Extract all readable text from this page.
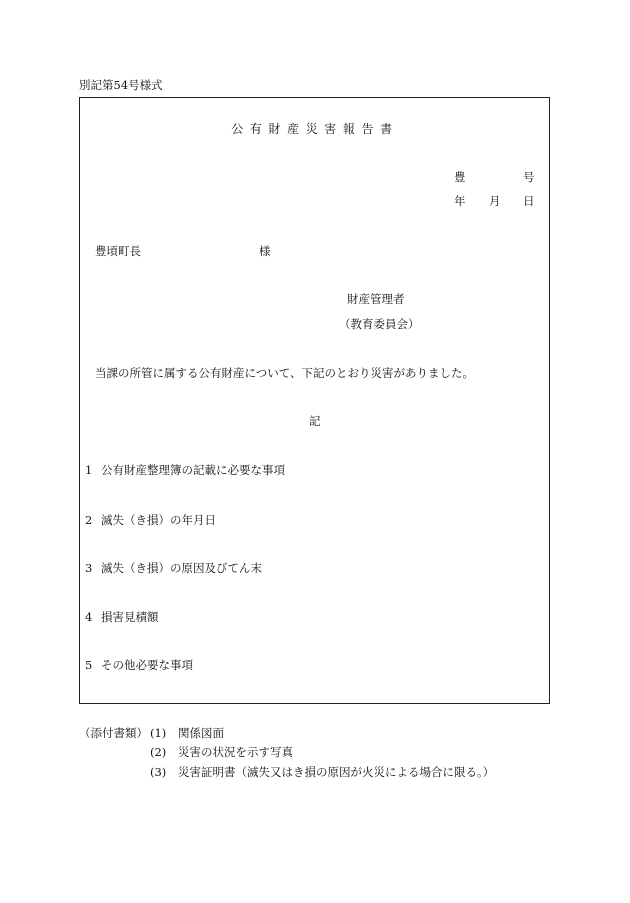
別記第54号様式
公有財産災害報告書
豊	号
年 月 日
豊頃町長	様
財産管理者
（教育委員会）
当課の所管に属する公有財産について、下記のとおり災害がありました。
記
1 公有財産整理簿の記載に必要な事項
2 滅失（き損）の年月日
3 滅失（き損）の原因及びてん末
4 損害見積額
5 その他必要な事項
（添付書類） (1) 関係図面
(2) 災害の状況を示す写真
(3) 災害証明書（滅失又はき損の原因が火災による場合に限る。）
